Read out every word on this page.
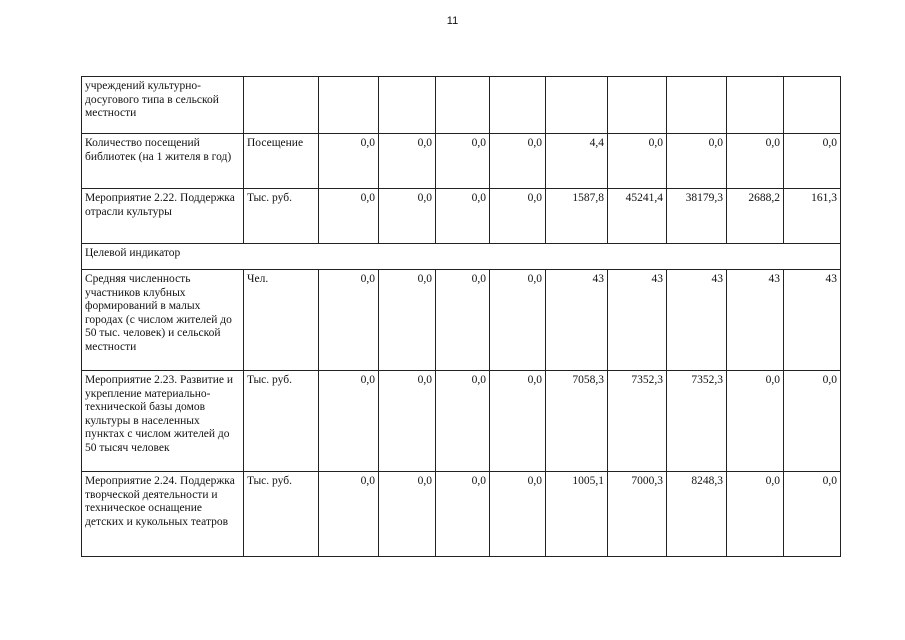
11
учреждений культурно-досугового типа в сельской местности										
Количество посещений библиотек (на 1 жителя в год)	Посещение	0,0	0,0	0,0	0,0	4,4	0,0	0,0	0,0	0,0
Мероприятие 2.22. Поддержка отрасли культуры	Тыс. руб.	0,0	0,0	0,0	0,0	1587,8	45241,4	38179,3	2688,2	161,3
Целевой индикатор										
Средняя численность участников клубных формирований в малых городах (с числом жителей до 50 тыс. человек) и сельской местности	Чел.	0,0	0,0	0,0	0,0	43	43	43	43	43
Мероприятие 2.23. Развитие и укрепление материально-технической базы домов культуры в населенных пунктах с числом жителей до 50 тысяч человек	Тыс. руб.	0,0	0,0	0,0	0,0	7058,3	7352,3	7352,3	0,0	0,0
Мероприятие 2.24. Поддержка творческой деятельности и техническое оснащение детских и кукольных театров	Тыс. руб.	0,0	0,0	0,0	0,0	1005,1	7000,3	8248,3	0,0	0,0
